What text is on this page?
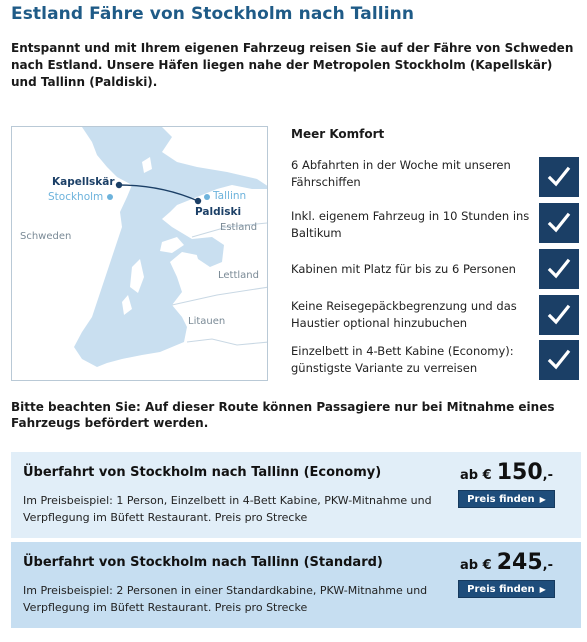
Estland Fähre von Stockholm nach Tallinn

Entspannt und mit Ihrem eigenen Fahrzeug reisen Sie auf der Fähre von Schweden nach Estland. Unsere Häfen liegen nahe der Metropolen Stockholm (Kapellskär) und Tallinn (Paldiski).

Kapellskär
Stockholm	Tallinn
Paldiski
Schweden
Estland
Lettland
Litauen
Meer Komfort
6 Abfahrten in der Woche mit unseren Fährschiffen
Inkl. eigenem Fahrzeug in 10 Stunden ins Baltikum
Kabinen mit Platz für bis zu 6 Personen
Keine Reisegepäckbegrenzung und das Haustier optional hinzubuchen
Einzelbett in 4-Bett Kabine (Economy): günstigste Variante zu verreisen

Bitte beachten Sie: Auf dieser Route können Passagiere nur bei Mitnahme eines Fahrzeugs befördert werden.

Überfahrt von Stockholm nach Tallinn (Economy)
Im Preisbeispiel: 1 Person, Einzelbett in 4-Bett Kabine, PKW-Mitnahme und Verpflegung im Büfett Restaurant. Preis pro Strecke
ab € 150,-
Preis finden ▶
Überfahrt von Stockholm nach Tallinn (Standard)
Im Preisbeispiel: 2 Personen in einer Standardkabine, PKW-Mitnahme und Verpflegung im Büfett Restaurant. Preis pro Strecke
ab € 245,-
Preis finden ▶
